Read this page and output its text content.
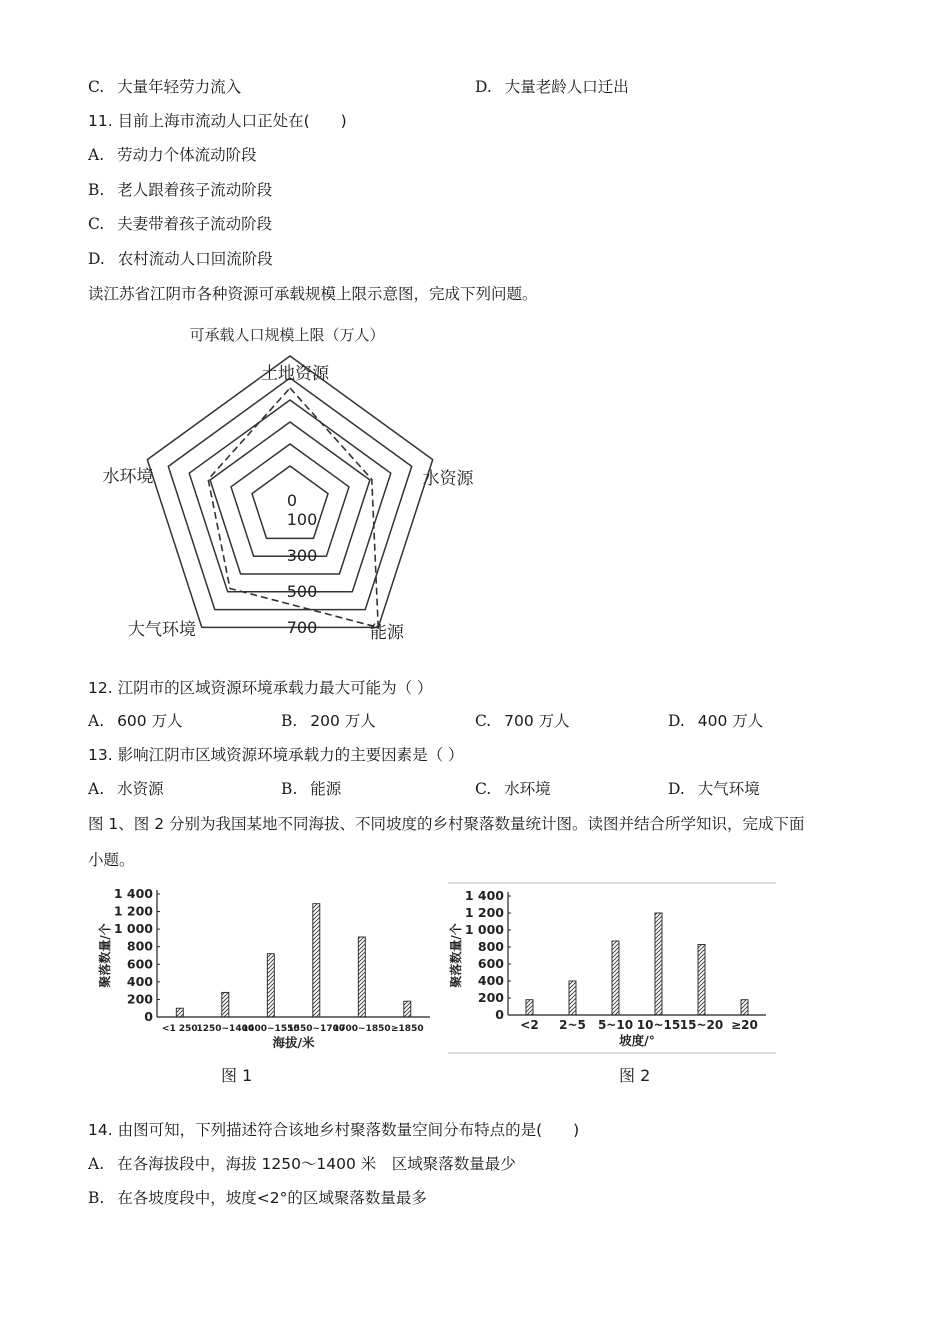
C. 大量年轻劳力流入	D. 大量老龄人口迁出
11. 目前上海市流动人口正处在(　　)
A. 劳动力个体流动阶段
B. 老人跟着孩子流动阶段
C. 夫妻带着孩子流动阶段
D. 农村流动人口回流阶段
读江苏省江阴市各种资源可承载规模上限示意图，完成下列问题。
可承载人口规模上限（万人）
土地资源
水资源
能源
大气环境
水环境
0
100
300
500
700
12. 江阴市的区域资源环境承载力最大可能为（ ）
A. 600 万人	B. 200 万人	C. 700 万人	D. 400 万人
13. 影响江阴市区域资源环境承载力的主要因素是（ ）
A. 水资源	B. 能源	C. 水环境	D. 大气环境
图 1、图 2 分别为我国某地不同海拔、不同坡度的乡村聚落数量统计图。读图并结合所学知识，完成下面
小题。
0
200
400
600
800
1 000
1 200
1 400
聚落数量/个
<1 250
1250~1400
1400~1550
1550~1700
1700~1850 ≥1850
海拔/米
0
200
400
600
800
1 000
1 200
1 400
聚落数量/个
<2 2~5 5~10 10~15 15~20 ≥20
坡度/°
图 1	图 2
14. 由图可知，下列描述符合该地乡村聚落数量空间分布特点的是(　　)
A. 在各海拔段中，海拔 1250～1400 米　区域聚落数量最少
B. 在各坡度段中，坡度<2°的区域聚落数量最多
